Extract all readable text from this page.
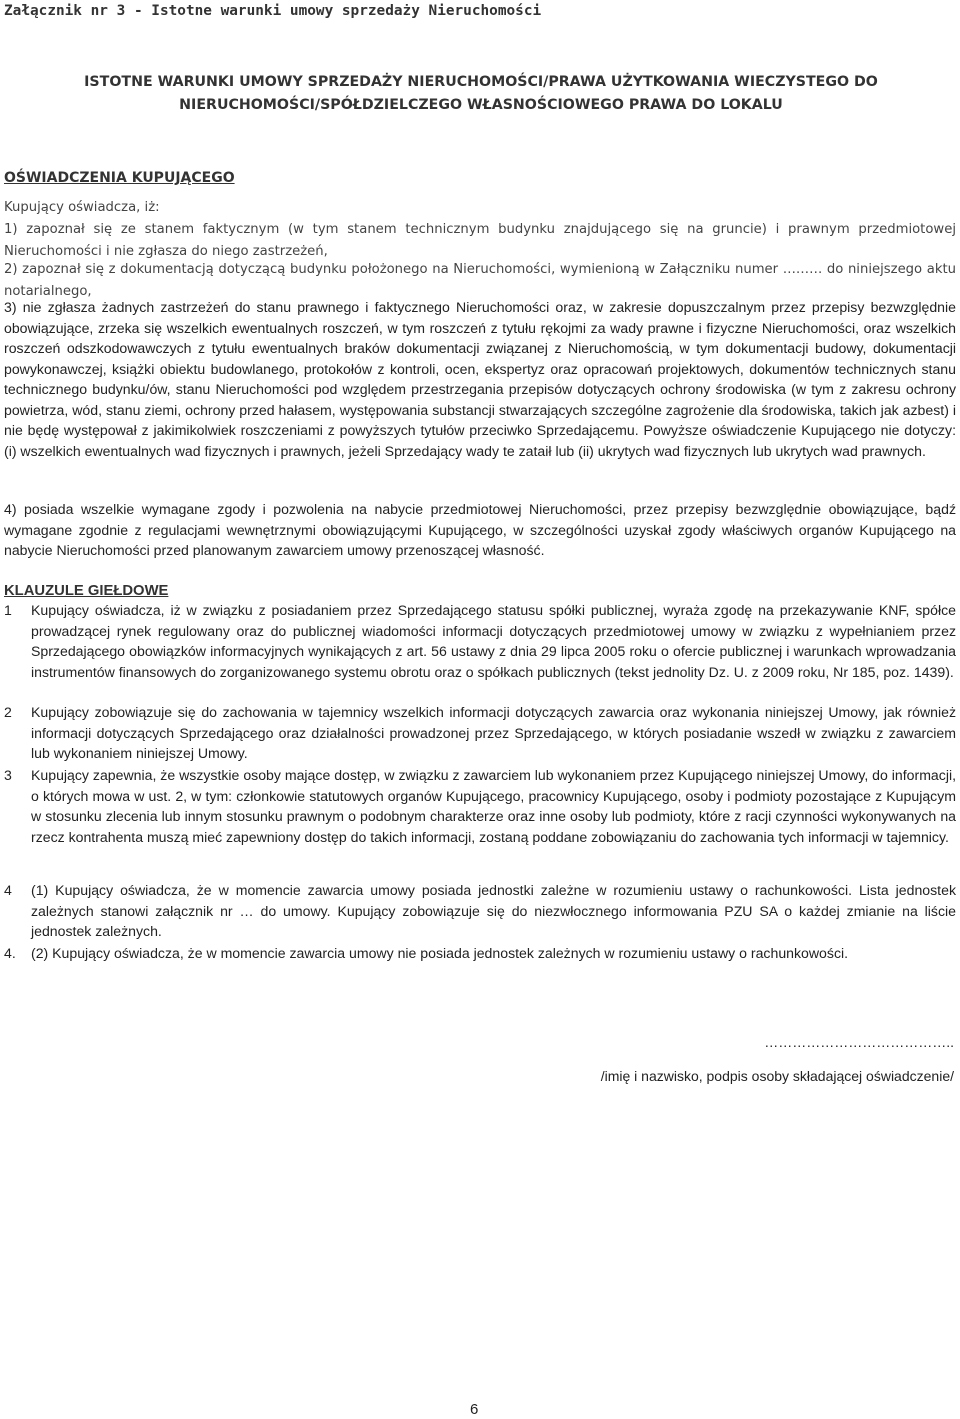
Załącznik nr 3 - Istotne warunki umowy sprzedaży Nieruchomości
ISTOTNE WARUNKI UMOWY SPRZEDAŻY NIERUCHOMOŚCI/PRAWA UŻYTKOWANIA WIECZYSTEGO DO
NIERUCHOMOŚCI/SPÓŁDZIELCZEGO WŁASNOŚCIOWEGO PRAWA DO LOKALU
OŚWIADCZENIA KUPUJĄCEGO
Kupujący oświadcza, iż:
1) zapoznał się ze stanem faktycznym (w tym stanem technicznym budynku znajdującego się na gruncie) i prawnym przedmiotowej Nieruchomości i nie zgłasza do niego zastrzeżeń,
2) zapoznał się z dokumentacją dotyczącą budynku położonego na Nieruchomości, wymienioną w Załączniku numer ……… do niniejszego aktu notarialnego,
3) nie zgłasza żadnych zastrzeżeń do stanu prawnego i faktycznego Nieruchomości oraz, w zakresie dopuszczalnym przez przepisy bezwzględnie obowiązujące, zrzeka się wszelkich ewentualnych roszczeń, w tym roszczeń z tytułu rękojmi za wady prawne i fizyczne Nieruchomości, oraz wszelkich roszczeń odszkodowawczych z tytułu ewentualnych braków dokumentacji związanej z Nieruchomością, w tym dokumentacji budowy, dokumentacji powykonawczej, książki obiektu budowlanego, protokołów z kontroli, ocen, ekspertyz oraz opracowań projektowych, dokumentów technicznych stanu technicznego budynku/ów, stanu Nieruchomości pod względem przestrzegania przepisów dotyczących ochrony środowiska (w tym z zakresu ochrony powietrza, wód, stanu ziemi, ochrony przed hałasem, występowania substancji stwarzających szczególne zagrożenie dla środowiska, takich jak azbest) i nie będę występował z jakimikolwiek roszczeniami z powyższych tytułów przeciwko Sprzedającemu. Powyższe oświadczenie Kupującego nie dotyczy: (i) wszelkich ewentualnych wad fizycznych i prawnych, jeżeli Sprzedający wady te zataił lub (ii) ukrytych wad fizycznych lub ukrytych wad prawnych.
4) posiada wszelkie wymagane zgody i pozwolenia na nabycie przedmiotowej Nieruchomości, przez przepisy bezwzględnie obowiązujące, bądź wymagane zgodnie z regulacjami wewnętrznymi obowiązującymi Kupującego, w szczególności uzyskał zgody właściwych organów Kupującego na nabycie Nieruchomości przed planowanym zawarciem umowy przenoszącej własność.
KLAUZULE GIEŁDOWE
1	Kupujący oświadcza, iż w związku z posiadaniem przez Sprzedającego statusu spółki publicznej, wyraża zgodę na przekazywanie KNF, spółce prowadzącej rynek regulowany oraz do publicznej wiadomości informacji dotyczących przedmiotowej umowy w związku z wypełnianiem przez Sprzedającego obowiązków informacyjnych wynikających z art. 56 ustawy z dnia 29 lipca 2005 roku o ofercie publicznej i warunkach wprowadzania instrumentów finansowych do zorganizowanego systemu obrotu oraz o spółkach publicznych (tekst jednolity Dz. U. z 2009 roku, Nr 185, poz. 1439).
2	Kupujący zobowiązuje się do zachowania w tajemnicy wszelkich informacji dotyczących zawarcia oraz wykonania niniejszej Umowy, jak również informacji dotyczących Sprzedającego oraz działalności prowadzonej przez Sprzedającego, w których posiadanie wszedł w związku z zawarciem lub wykonaniem niniejszej Umowy.
3	Kupujący zapewnia, że wszystkie osoby mające dostęp, w związku z zawarciem lub wykonaniem przez Kupującego niniejszej Umowy, do informacji, o których mowa w ust. 2, w tym: członkowie statutowych organów Kupującego, pracownicy Kupującego, osoby i podmioty pozostające z Kupującym w stosunku zlecenia lub innym stosunku prawnym o podobnym charakterze oraz inne osoby lub podmioty, które z racji czynności wykonywanych na rzecz kontrahenta muszą mieć zapewniony dostęp do takich informacji, zostaną poddane zobowiązaniu do zachowania tych informacji w tajemnicy.
4	(1) Kupujący oświadcza, że w momencie zawarcia umowy posiada jednostki zależne w rozumieniu ustawy o rachunkowości. Lista jednostek zależnych stanowi załącznik nr … do umowy. Kupujący zobowiązuje się do niezwłocznego informowania PZU SA o każdej zmianie na liście jednostek zależnych.
4.	(2) Kupujący oświadcza, że w momencie zawarcia umowy nie posiada jednostek zależnych w rozumieniu ustawy o rachunkowości.
…………………………………..
/imię i nazwisko, podpis osoby składającej oświadczenie/
6
